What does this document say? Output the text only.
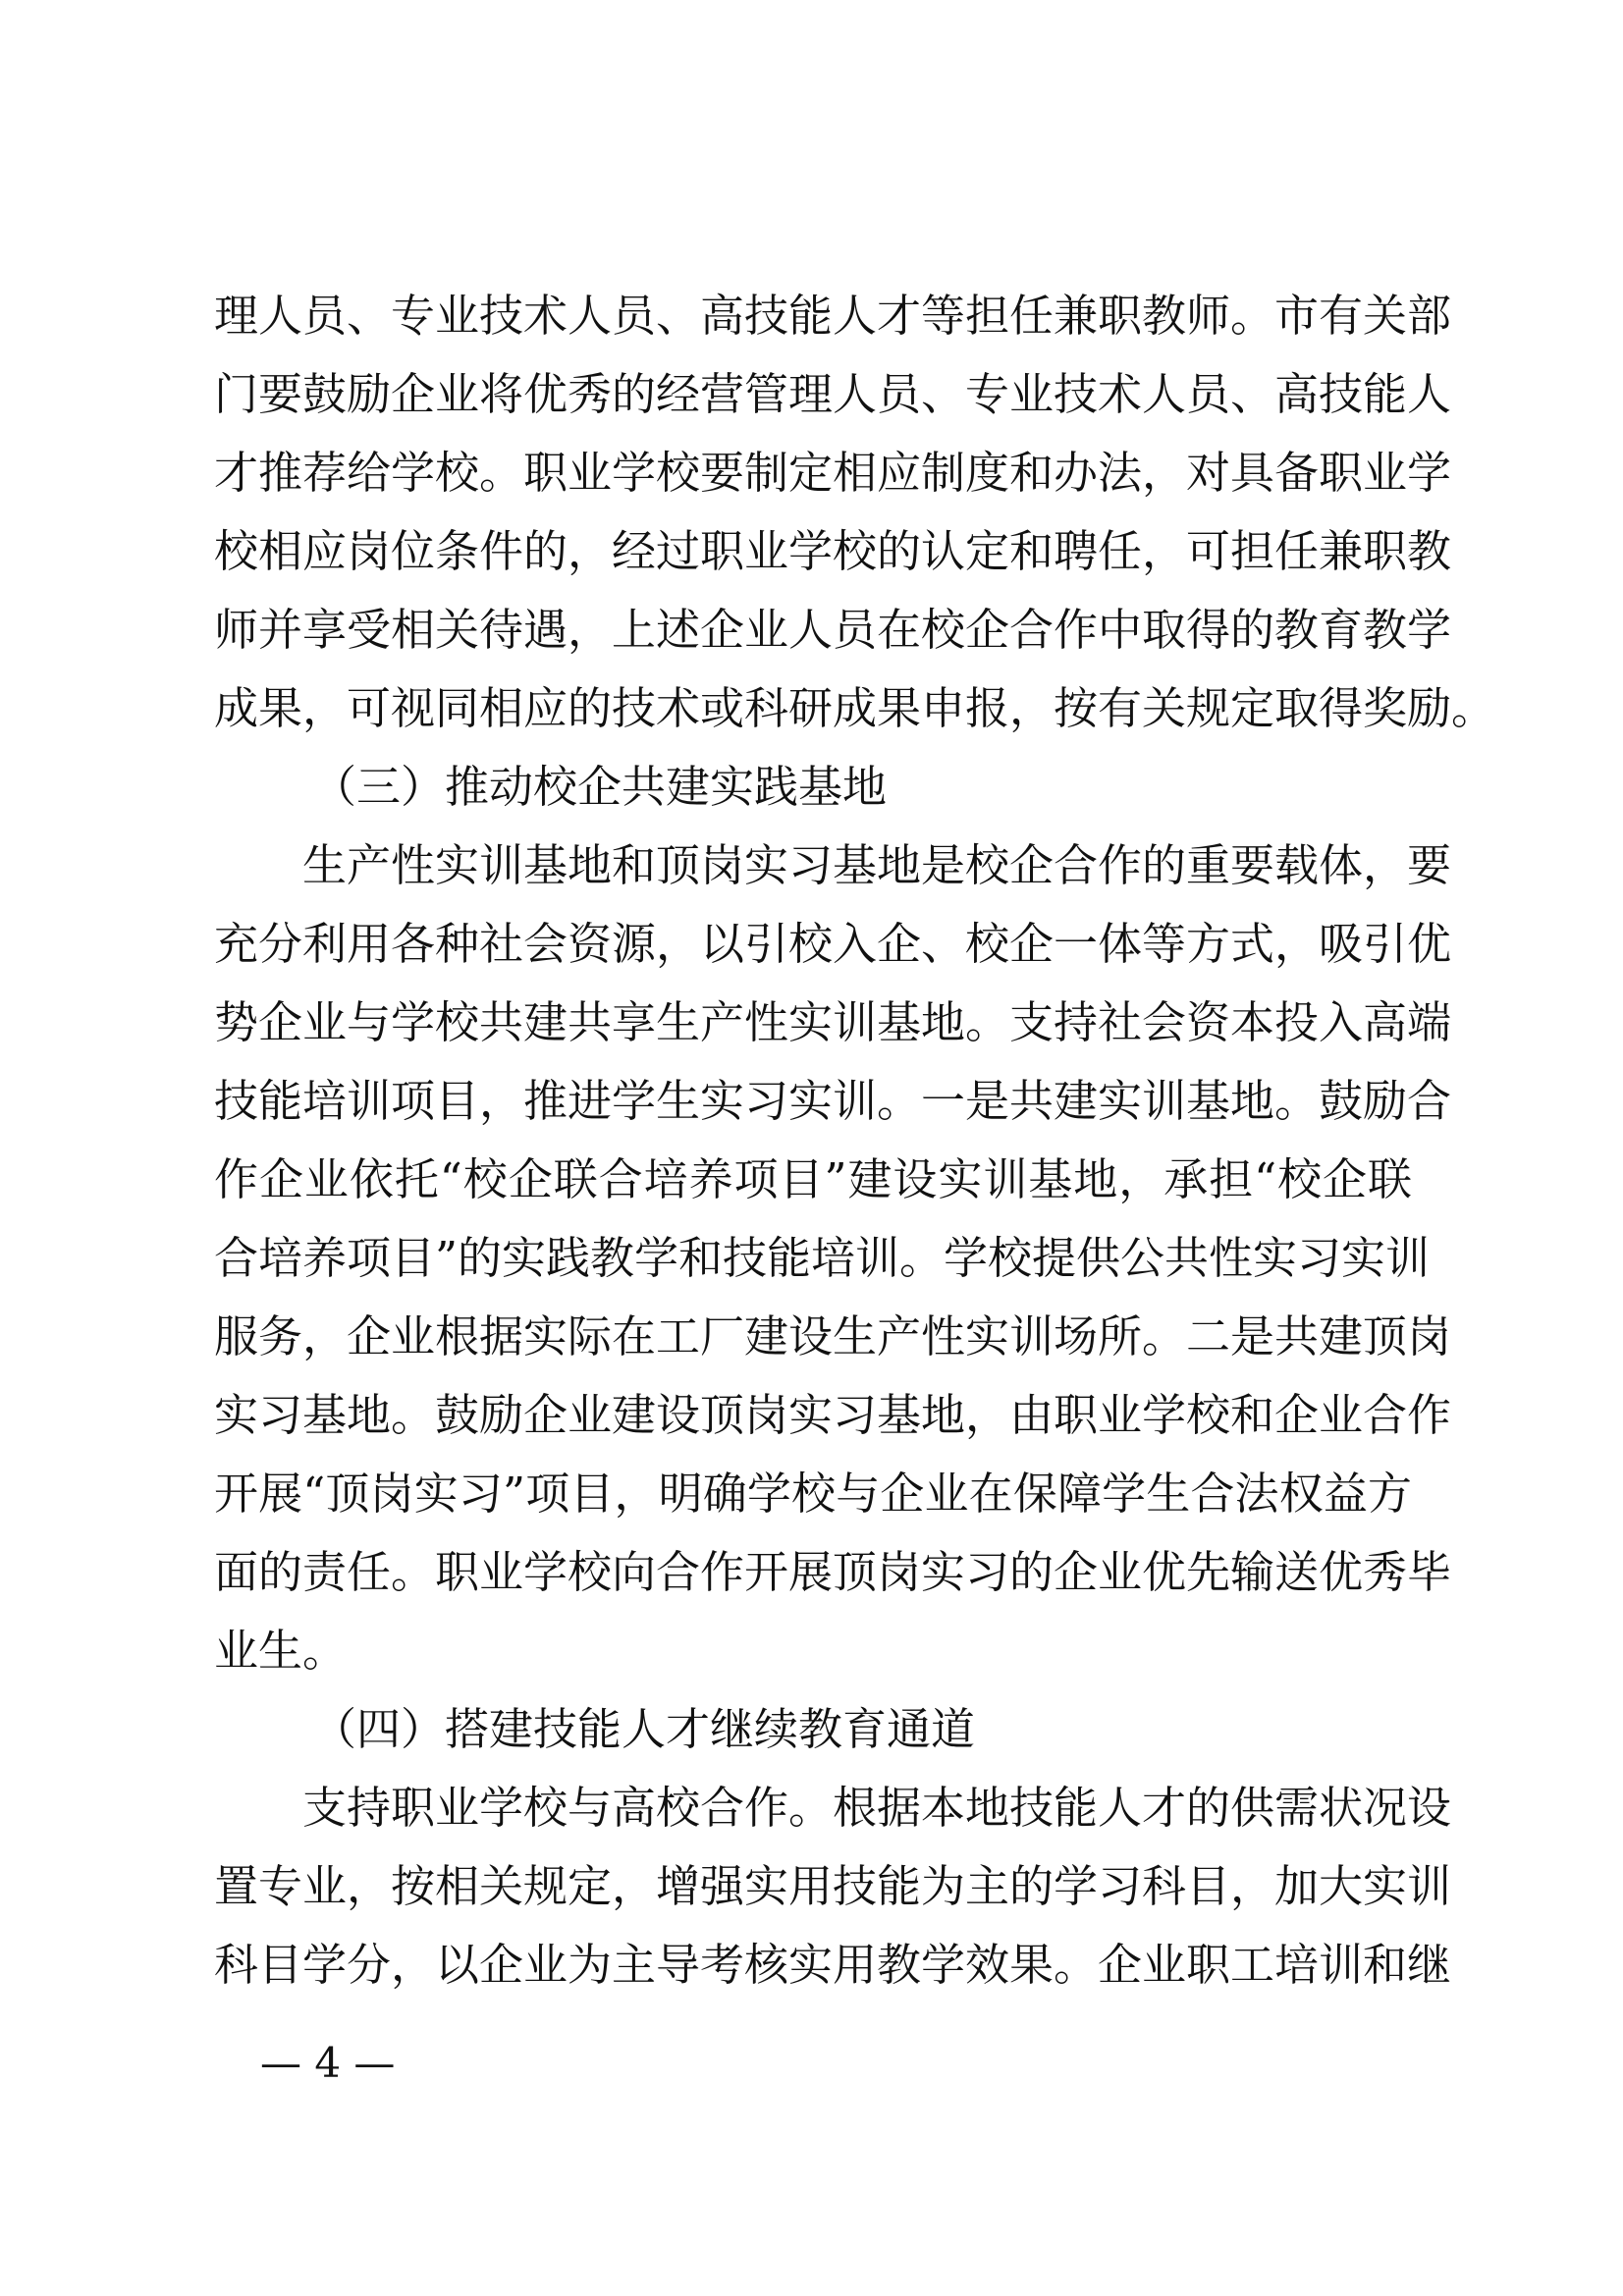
理人员、专业技术人员、高技能人才等担任兼职教师。市有关部
门要鼓励企业将优秀的经营管理人员、专业技术人员、高技能人
才推荐给学校。职业学校要制定相应制度和办法，对具备职业学
校相应岗位条件的，经过职业学校的认定和聘任，可担任兼职教
师并享受相关待遇，上述企业人员在校企合作中取得的教育教学
成果，可视同相应的技术或科研成果申报，按有关规定取得奖励。
（三）推动校企共建实践基地
生产性实训基地和顶岗实习基地是校企合作的重要载体，要
充分利用各种社会资源，以引校入企、校企一体等方式，吸引优
势企业与学校共建共享生产性实训基地。支持社会资本投入高端
技能培训项目，推进学生实习实训。一是共建实训基地。鼓励合
作企业依托“校企联合培养项目”建设实训基地，承担“校企联
合培养项目”的实践教学和技能培训。学校提供公共性实习实训
服务，企业根据实际在工厂建设生产性实训场所。二是共建顶岗
实习基地。鼓励企业建设顶岗实习基地，由职业学校和企业合作
开展“顶岗实习”项目，明确学校与企业在保障学生合法权益方
面的责任。职业学校向合作开展顶岗实习的企业优先输送优秀毕
业生。
（四）搭建技能人才继续教育通道
支持职业学校与高校合作。根据本地技能人才的供需状况设
置专业，按相关规定，增强实用技能为主的学习科目，加大实训
科目学分，以企业为主导考核实用教学效果。企业职工培训和继
— 4 —
